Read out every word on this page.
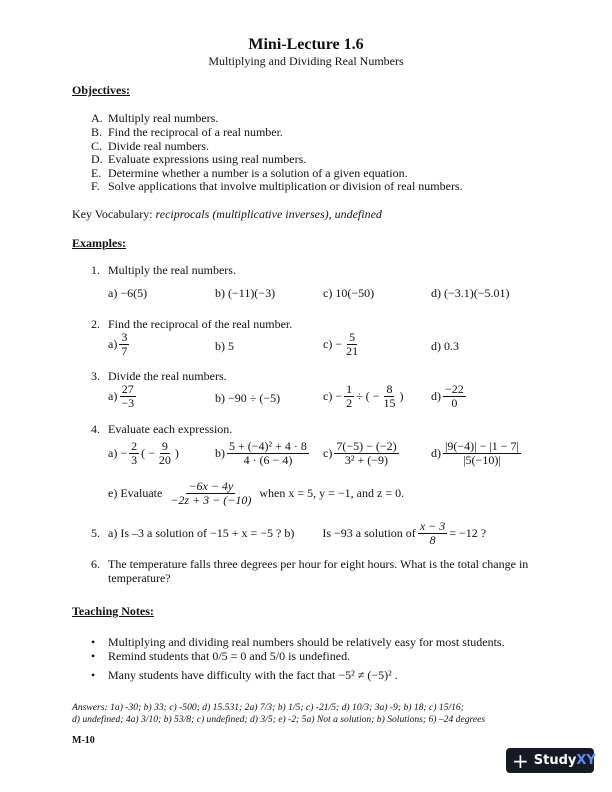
Mini-Lecture 1.6
Multiplying and Dividing Real Numbers
Objectives:
A. Multiply real numbers.
B. Find the reciprocal of a real number.
C. Divide real numbers.
D. Evaluate expressions using real numbers.
E. Determine whether a number is a solution of a given equation.
F. Solve applications that involve multiplication or division of real numbers.
Key Vocabulary: reciprocals (multiplicative inverses), undefined
Examples:
1. Multiply the real numbers.
a) −6(5)	b) (−11)(−3)	c) 10(−50)	d) (−3.1)(−5.01)
2. Find the reciprocal of the real number.
$a) \frac{3}{7}$	b) 5	$c) - \frac{5}{21}$	d) 0.3
3. Divide the real numbers.
$a) \frac{27}{-3}$	b) −90 ÷ (−5)	$c) - \frac{1}{2}$ ÷ ( − $\frac{8}{15}$ ) $d) \frac{-22}{0}$
4. Evaluate each expression.
$a) - \frac{2}{3}$ ( − $\frac{9}{20}$ )	$b) \frac{\text{5 + (−4)² + 4 · 8}}{4 \cdot (6 - 4)} c) \frac{7(-5) - (-2)}{\text{3² + (−9)}}$	$d) \frac{|9(-4)| - |1 - 7|}{|5(-10)|}$
e) Evaluate $\frac{-6x - 4y}{-2z + 3 - (-10)}$ when x = 5, y = −1, and z = 0.
5. a) Is –3 a solution of −15 + x = −5 ? b) Is −93 a solution of $\frac{x - 3}{8} = -12$ ?
6. The temperature falls three degrees per hour for eight hours. What is the total change in
temperature?
Teaching Notes:
• Multiplying and dividing real numbers should be relatively easy for most students.
• Remind students that 0/5 = 0 and 5/0 is undefined.
• Many students have difficulty with the fact that −5² ≠ (−5)² .
Answers: 1a) -30; b) 33; c) -500; d) 15.531; 2a) 7/3; b) 1/5; c) -21/5; d) 10/3; 3a) -9; b) 18; c) 15/16;
d) undefined; 4a) 3/10; b) 53/8; c) undefined; d) 3/5; e) -2; 5a) Not a solution; b) Solutions; 6) –24 degrees
M-10
+ Study XY
